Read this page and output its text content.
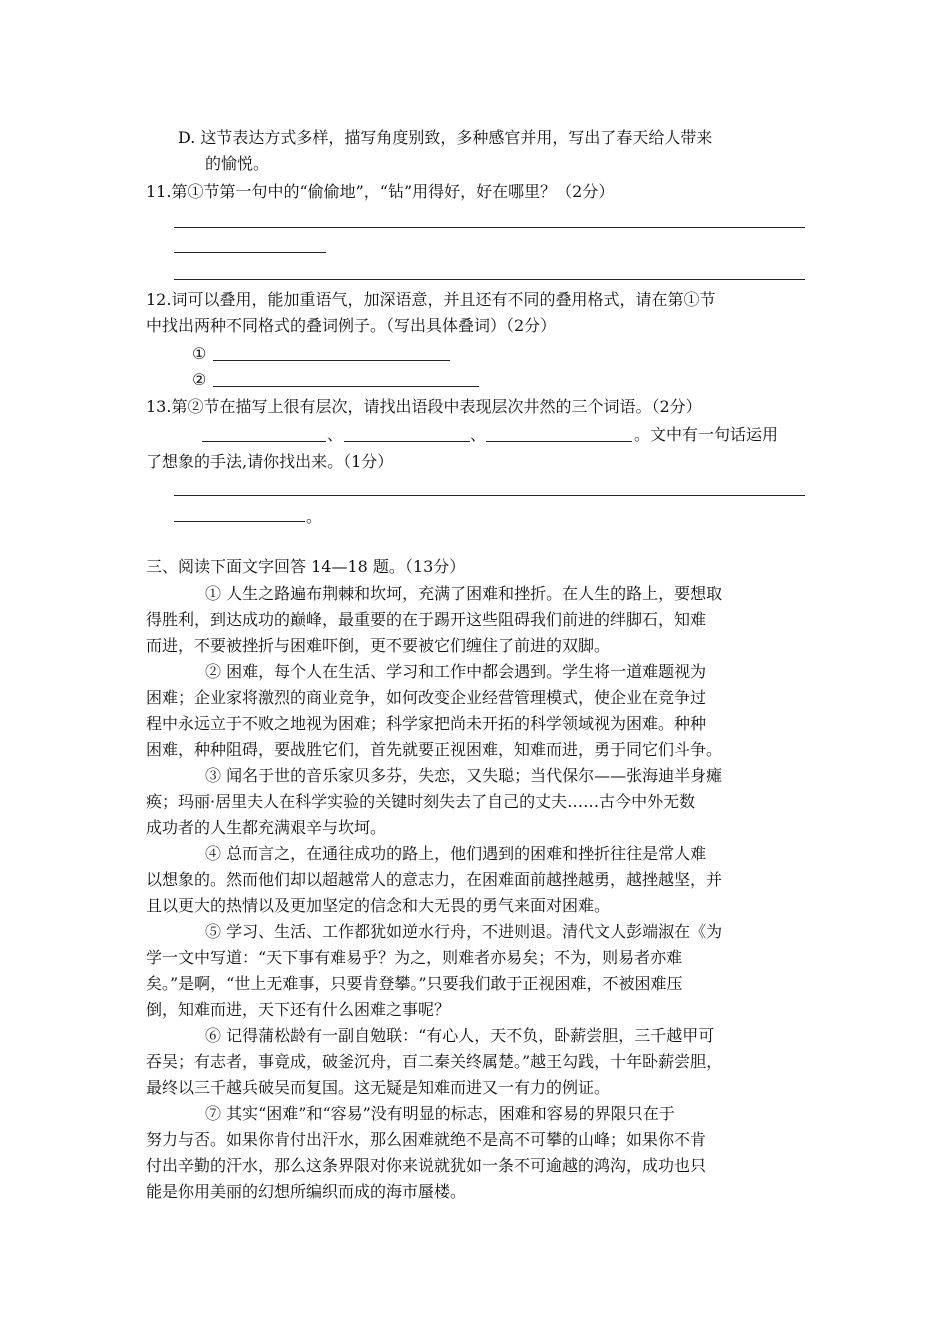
D. 这节表达方式多样，描写角度别致，多种感官并用，写出了春天给人带来
的愉悦。
11.第①节第一句中的“偷偷地”，“钻”用得好，好在哪里？（2分）
12.词可以叠用，能加重语气，加深语意，并且还有不同的叠用格式，请在第①节
中找出两种不同格式的叠词例子。（写出具体叠词）（2分）
①
②
13.第②节在描写上很有层次，请找出语段中表现层次井然的三个词语。（2分）
、	、	。文中有一句话运用
了想象的手法,请你找出来。（1分）
。
三、阅读下面文字回答 14—18 题。（13分）
① 人生之路遍布荆棘和坎坷，充满了困难和挫折。在人生的路上，要想取
得胜利，到达成功的巅峰，最重要的在于踢开这些阻碍我们前进的绊脚石，知难
而进，不要被挫折与困难吓倒，更不要被它们缠住了前进的双脚。
② 困难，每个人在生活、学习和工作中都会遇到。学生将一道难题视为
困难；企业家将激烈的商业竞争，如何改变企业经营管理模式，使企业在竞争过
程中永远立于不败之地视为困难；科学家把尚未开拓的科学领域视为困难。种种
困难，种种阻碍，要战胜它们，首先就要正视困难，知难而进，勇于同它们斗争。
③ 闻名于世的音乐家贝多芬，失恋，又失聪；当代保尔——张海迪半身瘫
痪；玛丽·居里夫人在科学实验的关键时刻失去了自己的丈夫……古今中外无数
成功者的人生都充满艰辛与坎坷。
④ 总而言之，在通往成功的路上，他们遇到的困难和挫折往往是常人难
以想象的。然而他们却以超越常人的意志力，在困难面前越挫越勇，越挫越坚，并
且以更大的热情以及更加坚定的信念和大无畏的勇气来面对困难。
⑤ 学习、生活、工作都犹如逆水行舟，不进则退。清代文人彭端淑在《为
学一文中写道：“天下事有难易乎？为之，则难者亦易矣；不为，则易者亦难
矣。”是啊，“世上无难事，只要肯登攀。”只要我们敢于正视困难，不被困难压
倒，知难而进，天下还有什么困难之事呢？
⑥ 记得蒲松龄有一副自勉联：“有心人，天不负，卧薪尝胆，三千越甲可
吞吴；有志者，事竟成，破釜沉舟，百二秦关终属楚。”越王勾践，十年卧薪尝胆，
最终以三千越兵破吴而复国。这无疑是知难而进又一有力的例证。
⑦ 其实“困难”和“容易”没有明显的标志，困难和容易的界限只在于
努力与否。如果你肯付出汗水，那么困难就绝不是高不可攀的山峰；如果你不肯
付出辛勤的汗水，那么这条界限对你来说就犹如一条不可逾越的鸿沟，成功也只
能是你用美丽的幻想所编织而成的海市蜃楼。
